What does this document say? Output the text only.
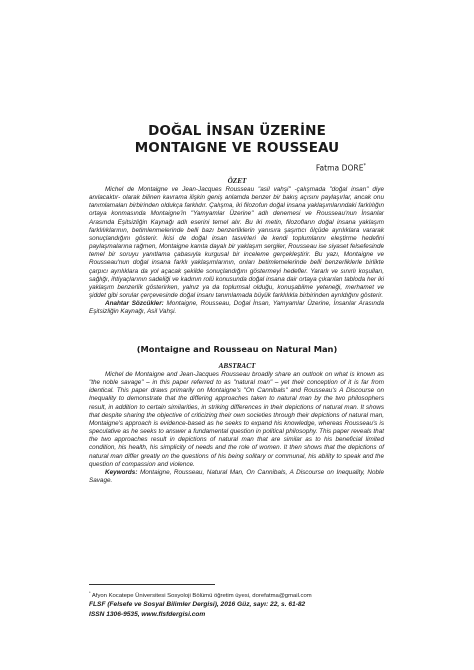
DOĞAL İNSAN ÜZERİNE
MONTAIGNE VE ROUSSEAU
Fatma DORE*
ÖZET

Michel de Montaigne ve Jean-Jacques Rousseau "asil vahşi" -çalışmada "doğal insan" diye anılacaktır- olarak bilinen kavrama ilişkin geniş anlamda benzer bir bakış açısını paylaşırlar, ancak onu tanımlamaları birbirinden oldukça farklıdır. Çalışma, iki filozofun doğal insana yaklaşımlarındaki farklılığın ortaya konmasında Montaigne'in "Yamyamlar Üzerine" adlı denemesi ve Rousseau'nun İnsanlar Arasında Eşitsizliğin Kaynağı adlı eserini temel alır. Bu iki metin, filozofların doğal insana yaklaşım farklılıklarının, betimlenmelerinde belli bazı benzerliklerin yanısıra şaşırtıcı ölçüde ayrılıklara vararak sonuçlandığını gösterir. İkisi de doğal insan tasvirleri ile kendi toplumlarını eleştirme hedefini paylaşmalarına rağmen, Montaigne kanıta dayalı bir yaklaşım sergiler, Rousseau ise siyaset felsefesinde temel bir soruyu yanıtlama çabasıyla kurgusal bir inceleme gerçekleştirir. Bu yazı, Montaigne ve Rousseau'nun doğal insana farklı yaklaşımlarının, onları betimlemelerinde belli benzerliklerle birlikte çarpıcı ayrılıklara da yol açacak şekilde sonuçlandığını göstermeyi hedefler. Yararlı ve sınırlı koşulları, sağlığı, ihtiyaçlarının sadeliği ve kadının rolü konusunda doğal insana dair ortaya çıkarılan tabloda her iki yaklaşım benzerlik gösterirken, yalnız ya da toplumsal olduğu, konuşabilme yeteneği, merhamet ve şiddet gibi sorular çerçevesinde doğal insanı tanımlamada büyük farklılıkla birbirinden ayrıldığını gösterir.

Anahtar Sözcükler: Montaigne, Rousseau, Doğal İnsan, Yamyamlar Üzerine, İnsanlar Arasında Eşitsizliğin Kaynağı, Asil Vahşi.

(Montaigne and Rousseau on Natural Man)
ABSTRACT

Michel de Montaigne and Jean-Jacques Rousseau broadly share an outlook on what is known as "the noble savage" – in this paper referred to as "natural man" – yet their conception of it is far from identical. This paper draws primarily on Montaigne's "On Cannibals" and Rousseau's A Discourse on Inequality to demonstrate that the differing approaches taken to natural man by the two philosophers result, in addition to certain similarities, in striking differences in their depictions of natural man. It shows that despite sharing the objective of criticizing their own societies through their depictions of natural man, Montaigne's approach is evidence-based as he seeks to expand his knowledge, whereas Rousseau's is speculative as he seeks to answer a fundamental question in political philosophy. This paper reveals that the two approaches result in depictions of natural man that are similar as to his beneficial limited condition, his health, his simplicity of needs and the role of women. It then shows that the depictions of natural man differ greatly on the questions of his being solitary or communal, his ability to speak and the question of compassion and violence.

Keywords: Montaigne, Rousseau, Natural Man, On Cannibals, A Discourse on Inequality, Noble Savage.

* Afyon Kocatepe Üniversitesi Sosyoloji Bölümü öğretim üyesi, dorefatma@gmail.com
FLSF (Felsefe ve Sosyal Bilimler Dergisi), 2016 Güz, sayı: 22, s. 61-82
ISSN 1306-9535, www.flsfdergisi.com
